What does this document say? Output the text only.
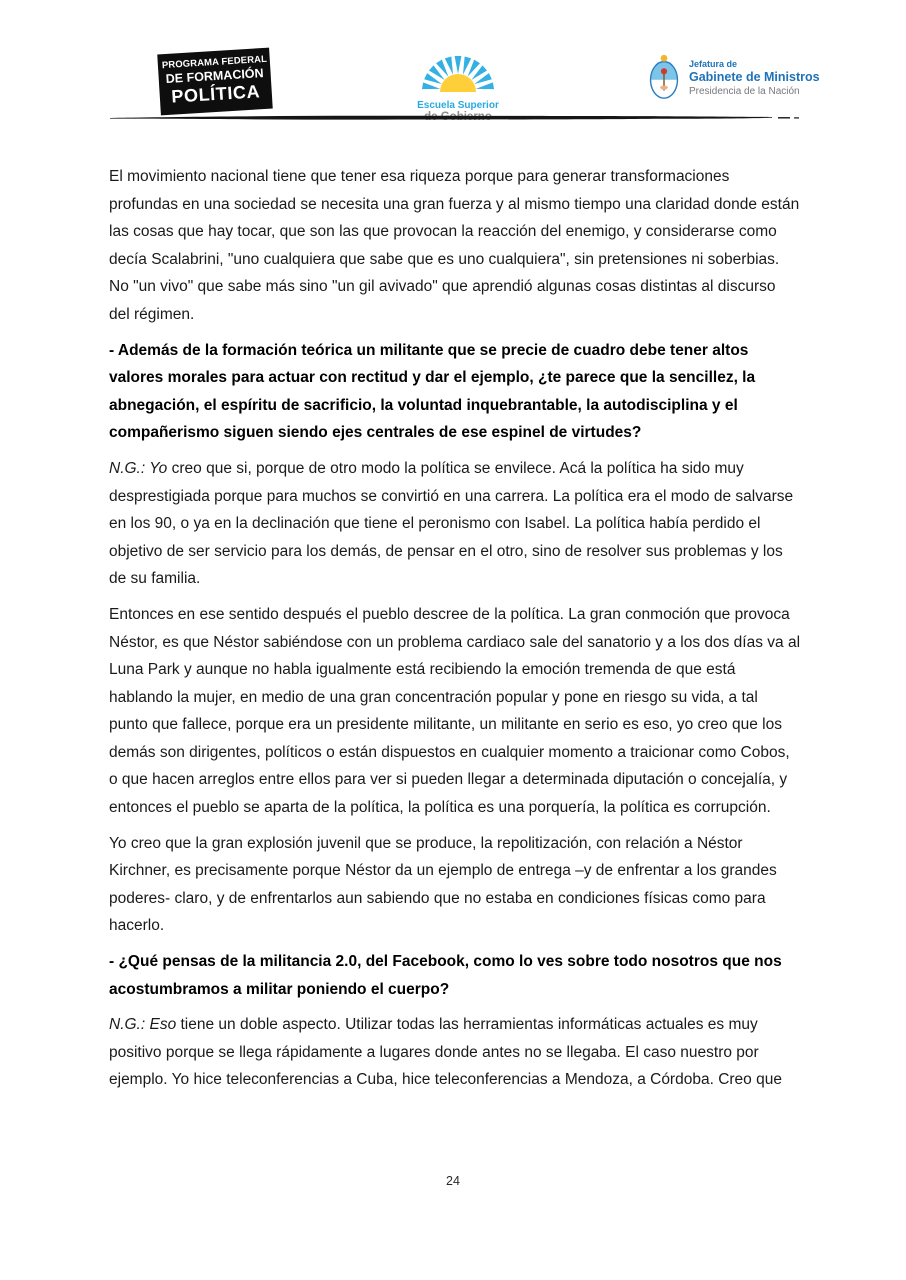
PROGRAMA FEDERAL
DE FORMACIÓN
POLÍTICA	Escuela Superior
Jefatura de
Gabinete de Ministros
Presidencia de la Nación

El movimiento nacional tiene que tener esa riqueza porque para generar transformaciones profundas en una sociedad se necesita una gran fuerza y al mismo tiempo una claridad donde están las cosas que hay tocar, que son las que provocan la reacción del enemigo, y considerarse como decía Scalabrini, "uno cualquiera que sabe que es uno cualquiera", sin pretensiones ni soberbias. No "un vivo" que sabe más sino "un gil avivado" que aprendió algunas cosas distintas al discurso del régimen.

- Además de la formación teórica un militante que se precie de cuadro debe tener altos valores morales para actuar con rectitud y dar el ejemplo, ¿te parece que la sencillez, la abnegación, el espíritu de sacrificio, la voluntad inquebrantable, la autodisciplina y el compañerismo siguen siendo ejes centrales de ese espinel de virtudes?

N.G.: Yo creo que si, porque de otro modo la política se envilece. Acá la política ha sido muy desprestigiada porque para muchos se convirtió en una carrera. La política era el modo de salvarse en los 90, o ya en la declinación que tiene el peronismo con Isabel. La política había perdido el objetivo de ser servicio para los demás, de pensar en el otro, sino de resolver sus problemas y los de su familia.

Entonces en ese sentido después el pueblo descree de la política. La gran conmoción que provoca Néstor, es que Néstor sabiéndose con un problema cardiaco sale del sanatorio y a los dos días va al Luna Park y aunque no habla igualmente está recibiendo la emoción tremenda de que está hablando la mujer, en medio de una gran concentración popular y pone en riesgo su vida, a tal punto que fallece, porque era un presidente militante, un militante en serio es eso, yo creo que los demás son dirigentes, políticos o están dispuestos en cualquier momento a traicionar como Cobos, o que hacen arreglos entre ellos para ver si pueden llegar a determinada diputación o concejalía, y entonces el pueblo se aparta de la política, la política es una porquería, la política es corrupción.

Yo creo que la gran explosión juvenil que se produce, la repolitización, con relación a Néstor Kirchner, es precisamente porque Néstor da un ejemplo de entrega –y de enfrentar a los grandes poderes- claro, y de enfrentarlos aun sabiendo que no estaba en condiciones físicas como para hacerlo.

- ¿Qué pensas de la militancia 2.0, del Facebook, como lo ves sobre todo nosotros que nos acostumbramos a militar poniendo el cuerpo?

N.G.: Eso tiene un doble aspecto. Utilizar todas las herramientas informáticas actuales es muy positivo porque se llega rápidamente a lugares donde antes no se llegaba. El caso nuestro por ejemplo. Yo hice teleconferencias a Cuba, hice teleconferencias a Mendoza, a Córdoba. Creo que

24
